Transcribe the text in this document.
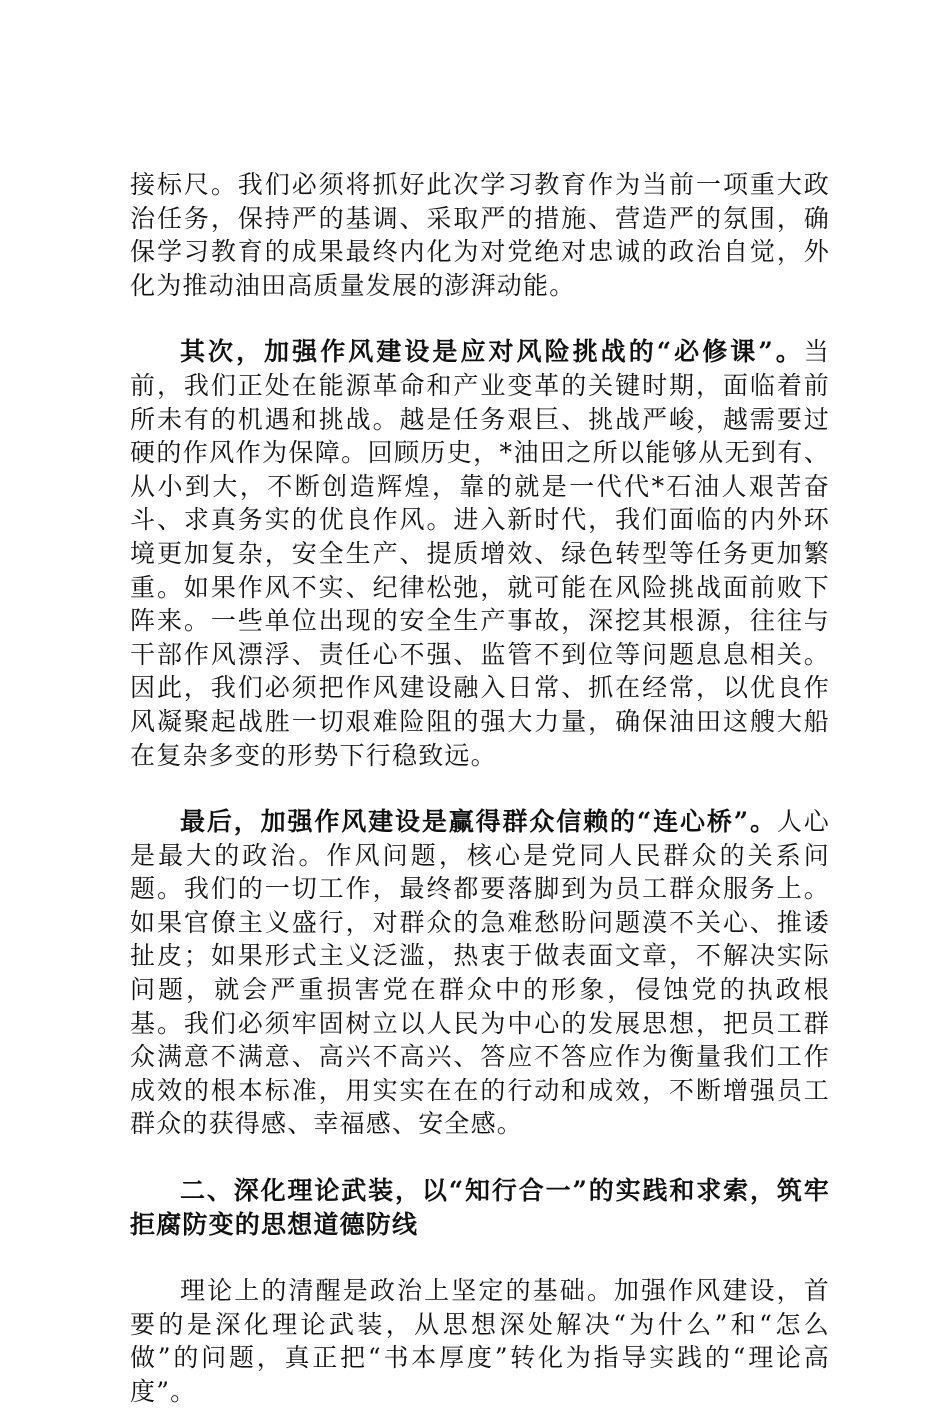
接标尺。我们必须将抓好此次学习教育作为当前一项重大政治任务，保持严的基调、采取严的措施、营造严的氛围，确保学习教育的成果最终内化为对党绝对忠诚的政治自觉，外化为推动油田高质量发展的澎湃动能。

其次，加强作风建设是应对风险挑战的“必修课”。当前，我们正处在能源革命和产业变革的关键时期，面临着前所未有的机遇和挑战。越是任务艰巨、挑战严峻，越需要过硬的作风作为保障。回顾历史，*油田之所以能够从无到有、从小到大，不断创造辉煌，靠的就是一代代*石油人艰苦奋斗、求真务实的优良作风。进入新时代，我们面临的内外环境更加复杂，安全生产、提质增效、绿色转型等任务更加繁重。如果作风不实、纪律松弛，就可能在风险挑战面前败下阵来。一些单位出现的安全生产事故，深挖其根源，往往与干部作风漂浮、责任心不强、监管不到位等问题息息相关。因此，我们必须把作风建设融入日常、抓在经常，以优良作风凝聚起战胜一切艰难险阻的强大力量，确保油田这艘大船在复杂多变的形势下行稳致远。

最后，加强作风建设是赢得群众信赖的“连心桥”。人心是最大的政治。作风问题，核心是党同人民群众的关系问题。我们的一切工作，最终都要落脚到为员工群众服务上。如果官僚主义盛行，对群众的急难愁盼问题漠不关心、推诿扯皮；如果形式主义泛滥，热衷于做表面文章，不解决实际问题，就会严重损害党在群众中的形象，侵蚀党的执政根基。我们必须牢固树立以人民为中心的发展思想，把员工群众满意不满意、高兴不高兴、答应不答应作为衡量我们工作成效的根本标准，用实实在在的行动和成效，不断增强员工群众的获得感、幸福感、安全感。

二、深化理论武装，以“知行合一”的实践和求索，筑牢拒腐防变的思想道德防线

理论上的清醒是政治上坚定的基础。加强作风建设，首要的是深化理论武装，从思想深处解决“为什么”和“怎么做”的问题，真正把“书本厚度”转化为指导实践的“理论高度”。
